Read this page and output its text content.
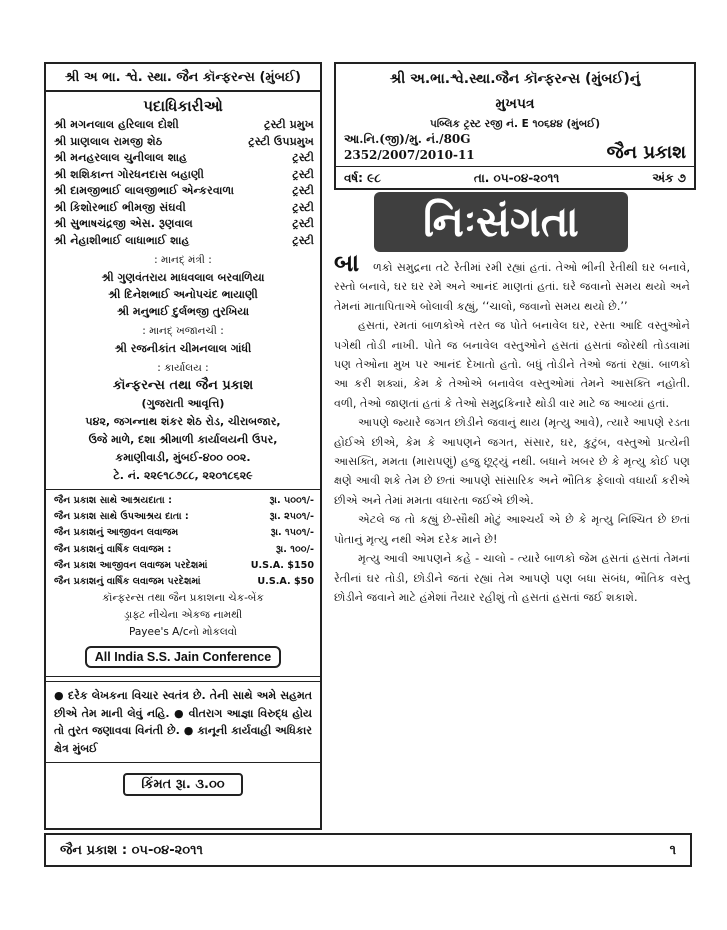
શ્રી અ ભા. શ્વે. સ્થા. જૈન કૉન્ફરન્સ (મુંબઈ)
પદાધિકારીઓ
શ્રી મગનલાલ હરિલાલ દોશી	ટ્રસ્ટી પ્રમુખ
શ્રી પ્રાણલાલ રામજી શેઠ	ટ્રસ્ટી ઉપપ્રમુખ
શ્રી મનહરલાલ ચુનીલાલ શાહ	ટ્રસ્ટી
શ્રી શશિકાન્ત ગોરધનદાસ બહાણી	ટ્રસ્ટી
શ્રી દામજીભાઈ લાલજીભાઈ એન્કરવાળા	ટ્રસ્ટી
શ્રી કિશોરભાઈ ભીમજી સંઘવી	ટ્રસ્ટી
શ્રી સુભાષચંદ્રજી એસ. રૂણવાલ	ટ્રસ્ટી
શ્રી નેહાશીભાઈ લાધાભાઈ શાહ	ટ્રસ્ટી
: માનદ્ મંત્રી :
શ્રી ગુણવંતરાય માધવલાલ બરવાળિયા
શ્રી દિનેશભાઈ અનોપચંદ ભાયાણી
શ્રી મનુભાઈ દુર્લભજી તુરખિયા
: માનદ્ ખજાનચી :
શ્રી રજનીકાંત ચીમનલાલ ગાંધી
: કાર્યાલય :
કૉન્ફરન્સ તથા જૈન પ્રકાશ
(ગુજરાતી આવૃત્તિ)
૫૪૨, જગન્નાથ શંકર શેઠ રોડ, ચીરાબજાર,
ઉજે માળે, દશા શ્રીમાળી કાર્યાલયની ઉપર,
કમાણીવાડી, મુંબઈ-૪૦૦ ૦૦૨.
ટે. નં. ૨૨૯૧૮૭૮૮, ૨૨૦૧૮૬૨૯
જૈન પ્રકાશ સાથે આશ્રયદાતા :	રૂા. ૫૦૦૧/-
જૈન પ્રકાશ સાથે ઉપઆશ્રય દાતા :	રૂા. ૨૫૦૧/-
જૈન પ્રકાશનું આજીવન લવાજમ	રૂા. ૧૫૦૧/-
જૈન પ્રકાશનું વાર્ષિક લવાજમ :	રૂા. ૧૦૦/-
જૈન પ્રકાશ આજીવન લવાજમ પરદેશમાં	U.S.A. $150
જૈન પ્રકાશનું વાર્ષિક લવાજમ પરદેશમાં	U.S.A. $50
કૉન્ફરન્સ તથા જૈન પ્રકાશના ચેક-બેંક
ડ્રાફ્ટ નીચેના એકજ નામથી
Payee's A/cનો મોકલવો
All India S.S. Jain Conference
● દરેક લેખકના વિચાર સ્વતંત્ર છે. તેની સાથે અમે સહમત છીએ તેમ માની લેવું નહિ. ● વીતરાગ આજ્ઞા વિરુદ્ધ હોય તો તુરત જણાવવા વિનંતી છે. ● કાનૂની કાર્યવાહી અધિકાર ક્ષેત્ર મુંબઈ
કિંમત રૂા. ૩.૦૦
શ્રી અ.ભા.શ્વે.સ્થા.જૈન કૉન્ફરન્સ (મુંબઈ)નું
મુખપત્ર
પબ્લિક ટ્રસ્ટ રજી નં. E ૧૦૬૪૪ (મુંબઈ)
આ.નિ.(જી)/મુ. નં./80G
2352/2007/2010-11	જૈન પ્રકાશ
વર્ષ: ૯૮	તા. ૦૫-૦૪-૨૦૧૧	અંક ૭
નિઃસંગતા

બા ળકો સમુદ્રના તટે રેતીમાં રમી રહ્યાં હતાં. તેઓ ભીની રેતીથી ઘર બનાવે, રસ્તો બનાવે, ઘર ઘર રમે અને આનંદ માણતાં હતાં. ઘરે જવાનો સમય થયો અને તેમનાં માતાપિતાએ બોલાવી કહ્યું, ‘‘ચાલો, જવાનો સમય થયો છે.’’

હસતાં, રમતાં બાળકોએ તરત જ પોતે બનાવેલ ઘર, રસ્તા આદિ વસ્તુઓને પગેથી તોડી નાખી. પોતે જ બનાવેલ વસ્તુઓને હસતાં હસતાં જોરથી તોડવામાં પણ તેઓના મુખ પર આનંદ દેખાતો હતો. બધું તોડીને તેઓ જતાં રહ્યાં. બાળકો આ કરી શક્યાં, કેમ કે તેઓએ બનાવેલ વસ્તુઓમાં તેમને આસક્તિ નહોતી. વળી, તેઓ જાણતાં હતાં કે તેઓ સમુદ્રકિનારે થોડી વાર માટે જ આવ્યાં હતાં.

આપણે જ્યારે જગત છોડીને જવાનું થાય (મૃત્યુ આવે), ત્યારે આપણે રડતા હોઈએ છીએ, કેમ કે આપણને જગત, સંસાર, ઘર, કુટુંબ, વસ્તુઓ પ્રત્યેની આસક્તિ, મમતા (મારાપણું) હજુ છૂટ્યું નથી. બધાને ખબર છે કે મૃત્યુ કોઈ પણ ક્ષણે આવી શકે તેમ છે છતાં આપણે સાંસારિક અને ભૌતિક ફેલાવો વધાર્યા કરીએ છીએ અને તેમાં મમતા વધારતા જઈએ છીએ.

એટલે જ તો કહ્યું છે-સૌથી મોટું આશ્ચર્ય એ છે કે મૃત્યુ નિશ્ચિત છે છતાં પોતાનું મૃત્યુ નથી એમ દરેક માને છે!

મૃત્યુ આવી આપણને કહે - ચાલો - ત્યારે બાળકો જેમ હસતાં હસતાં તેમનાં રેતીનાં ઘર તોડી, છોડીને જતાં રહ્યાં તેમ આપણે પણ બધા સંબંધ, ભૌતિક વસ્તુ છોડીને જવાને માટે હંમેશાં તૈયાર રહીશું તો હસતાં હસતાં જઈ શકાશે.

જૈન પ્રકાશ : ૦૫-૦૪-૨૦૧૧	૧
